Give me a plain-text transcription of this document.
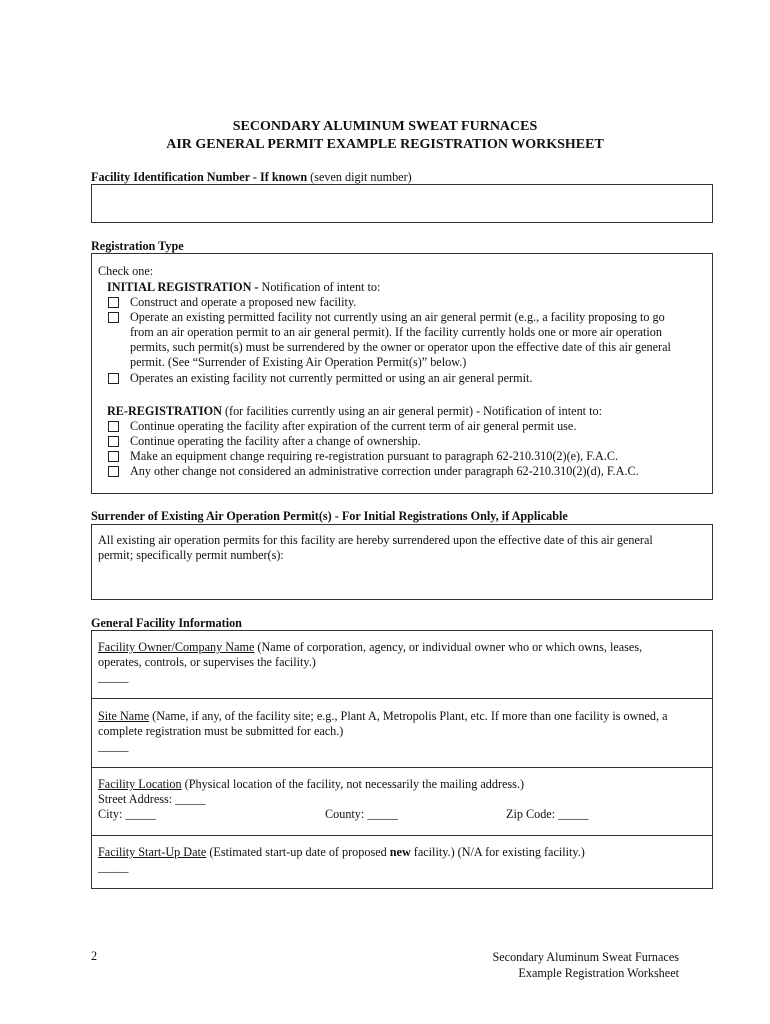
SECONDARY ALUMINUM SWEAT FURNACES
AIR GENERAL PERMIT EXAMPLE REGISTRATION WORKSHEET
Facility Identification Number - If known (seven digit number)
Registration Type
Check one:
INITIAL REGISTRATION - Notification of intent to:
Construct and operate a proposed new facility.
Operate an existing permitted facility not currently using an air general permit (e.g., a facility proposing to go
from an air operation permit to an air general permit). If the facility currently holds one or more air operation
permits, such permit(s) must be surrendered by the owner or operator upon the effective date of this air general
permit. (See “Surrender of Existing Air Operation Permit(s)” below.)
Operates an existing facility not currently permitted or using an air general permit.
RE-REGISTRATION (for facilities currently using an air general permit) - Notification of intent to:
Continue operating the facility after expiration of the current term of air general permit use.
Continue operating the facility after a change of ownership.
Make an equipment change requiring re-registration pursuant to paragraph 62-210.310(2)(e), F.A.C.
Any other change not considered an administrative correction under paragraph 62-210.310(2)(d), F.A.C.
Surrender of Existing Air Operation Permit(s) - For Initial Registrations Only, if Applicable
All existing air operation permits for this facility are hereby surrendered upon the effective date of this air general
permit; specifically permit number(s):
General Facility Information
Facility Owner/Company Name (Name of corporation, agency, or individual owner who or which owns, leases,
operates, controls, or supervises the facility.)
_____
Site Name (Name, if any, of the facility site; e.g., Plant A, Metropolis Plant, etc. If more than one facility is owned, a
complete registration must be submitted for each.)
_____
Facility Location (Physical location of the facility, not necessarily the mailing address.)
Street Address: _____
City: _____	County: _____	Zip Code: _____
Facility Start-Up Date (Estimated start-up date of proposed new facility.) (N/A for existing facility.)
_____
2	Secondary Aluminum Sweat Furnaces
Example Registration Worksheet
